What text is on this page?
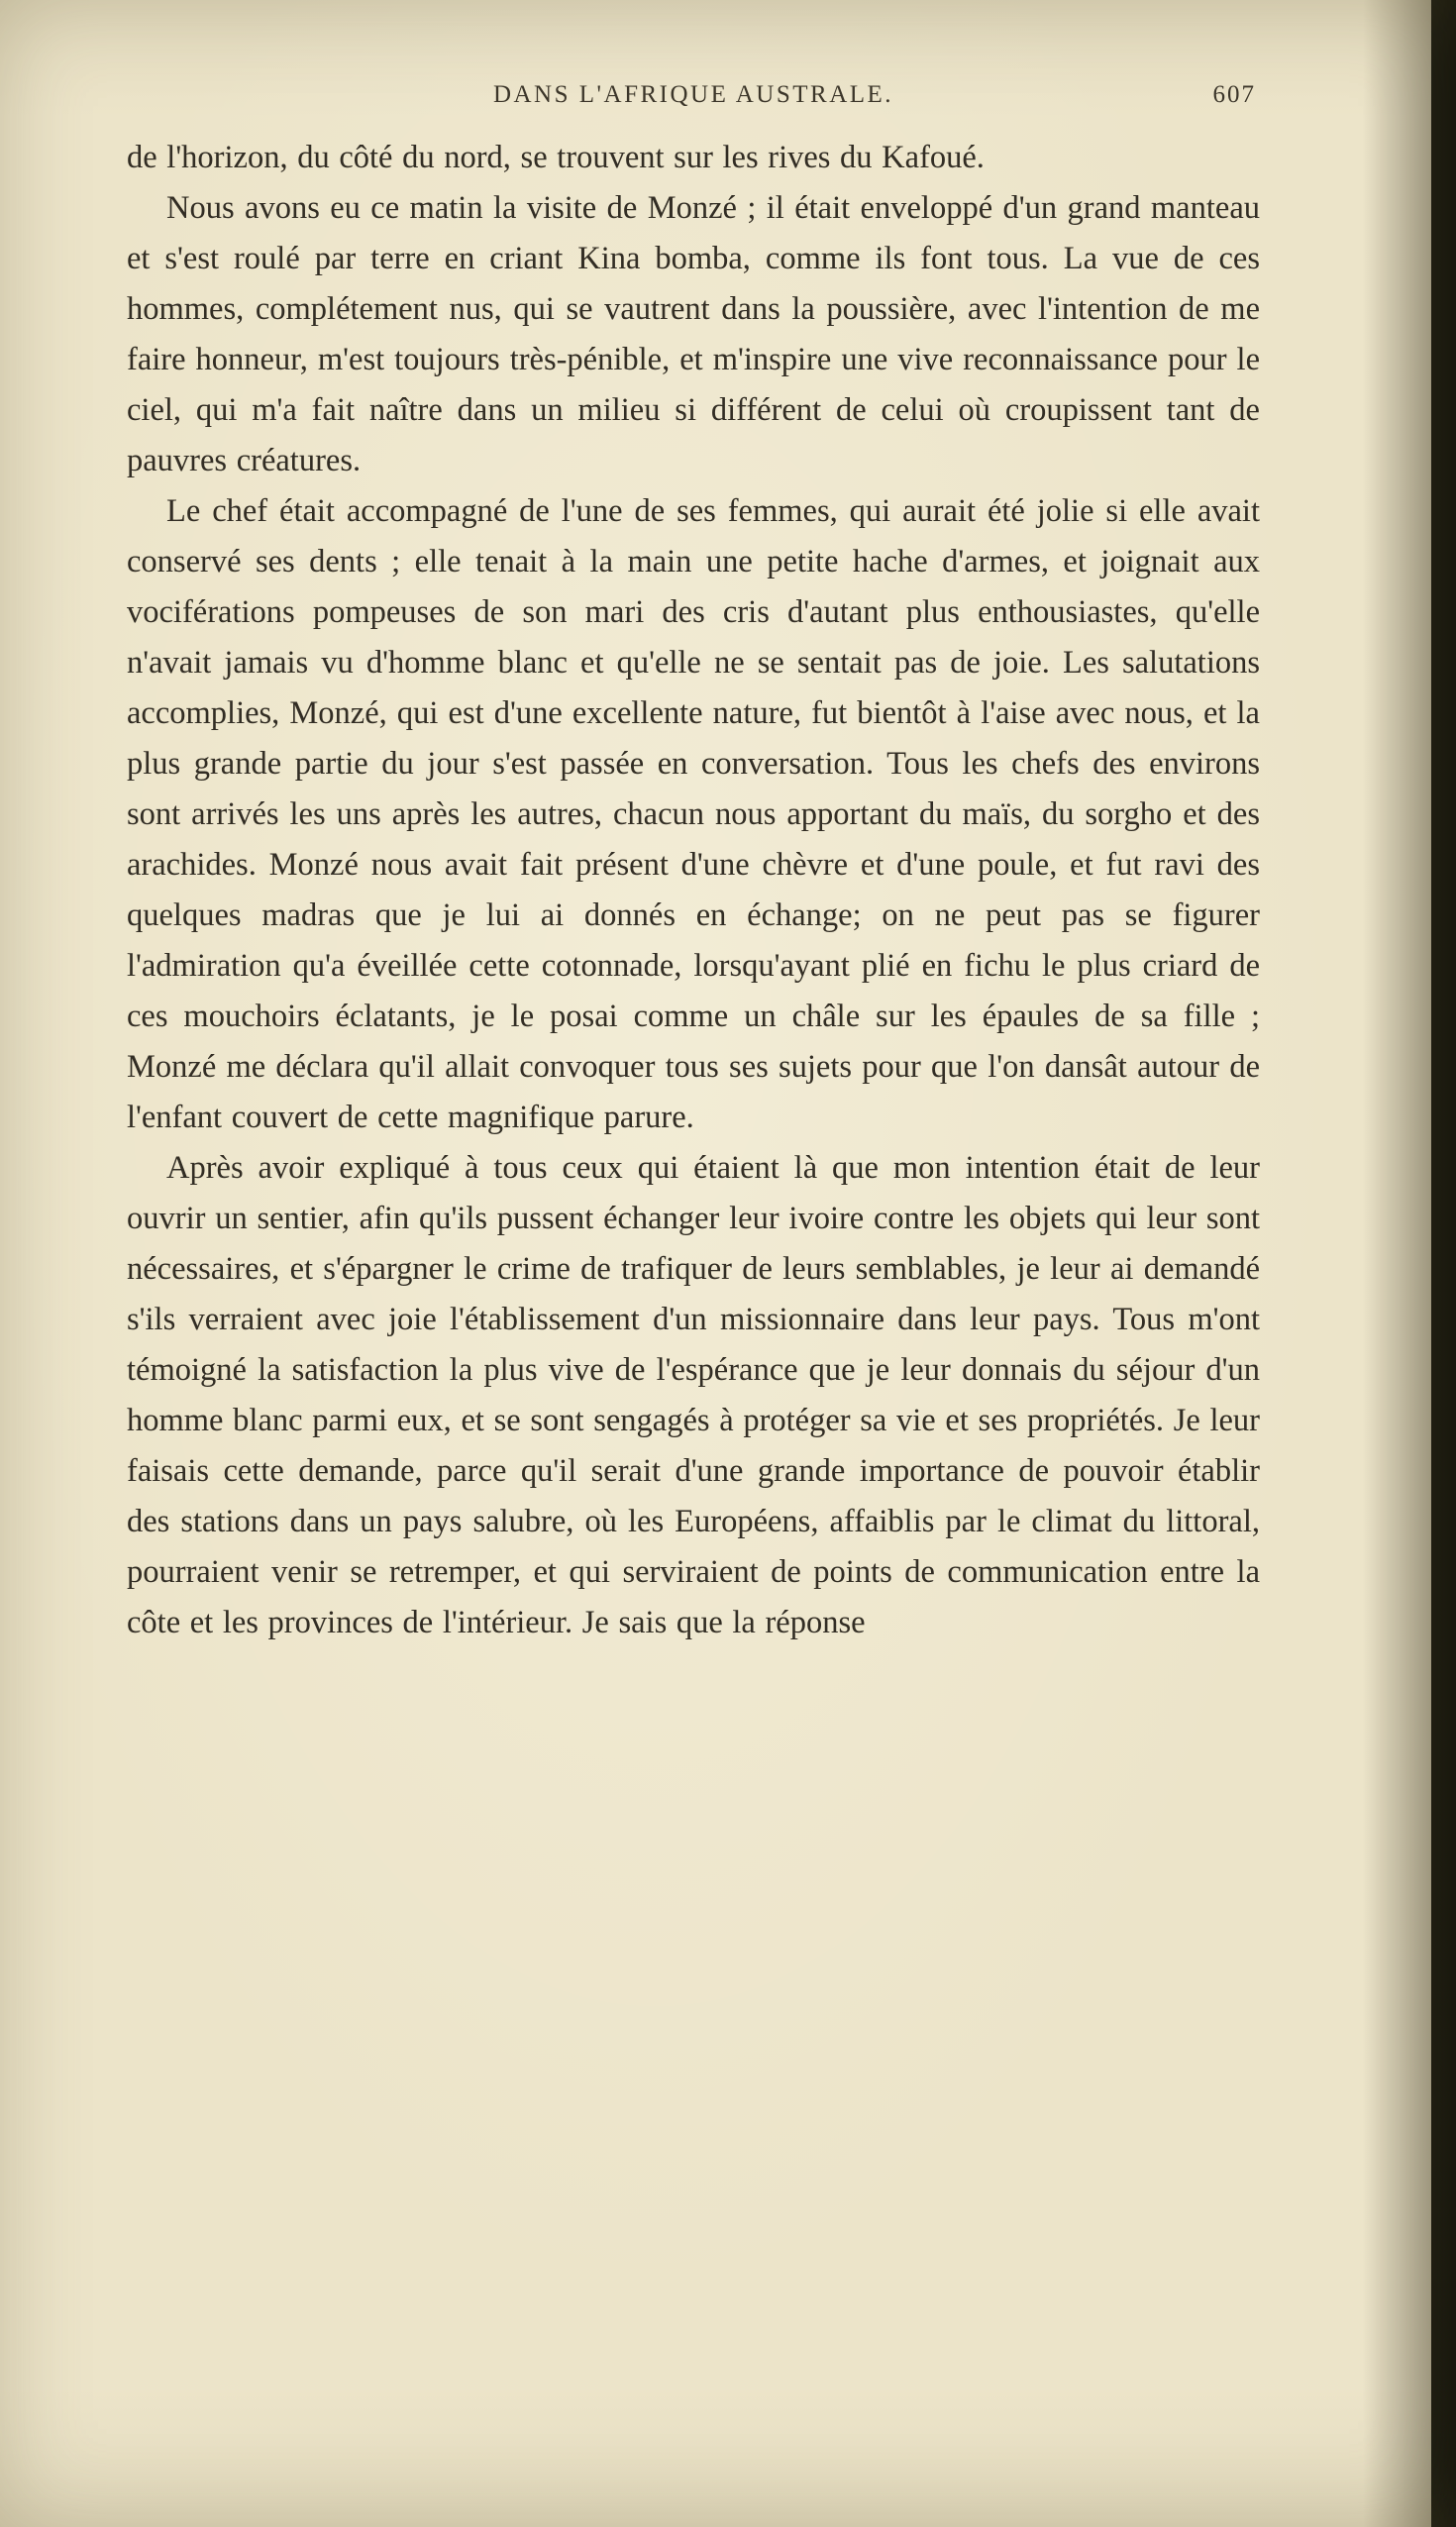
DANS L'AFRIQUE AUSTRALE.	607

de l'horizon, du côté du nord, se trouvent sur les rives du Kafoué.

Nous avons eu ce matin la visite de Monzé ; il était enveloppé d'un grand manteau et s'est roulé par terre en criant Kina bomba, comme ils font tous. La vue de ces hommes, complétement nus, qui se vautrent dans la poussière, avec l'intention de me faire honneur, m'est toujours très-pénible, et m'inspire une vive reconnaissance pour le ciel, qui m'a fait naître dans un milieu si différent de celui où croupissent tant de pauvres créatures.

Le chef était accompagné de l'une de ses femmes, qui aurait été jolie si elle avait conservé ses dents ; elle tenait à la main une petite hache d'armes, et joignait aux vociférations pompeuses de son mari des cris d'autant plus enthousiastes, qu'elle n'avait jamais vu d'homme blanc et qu'elle ne se sentait pas de joie. Les salutations accomplies, Monzé, qui est d'une excellente nature, fut bientôt à l'aise avec nous, et la plus grande partie du jour s'est passée en conversation. Tous les chefs des environs sont arrivés les uns après les autres, chacun nous apportant du maïs, du sorgho et des arachides. Monzé nous avait fait présent d'une chèvre et d'une poule, et fut ravi des quelques madras que je lui ai donnés en échange; on ne peut pas se figurer l'admiration qu'a éveillée cette cotonnade, lorsqu'ayant plié en fichu le plus criard de ces mouchoirs éclatants, je le posai comme un châle sur les épaules de sa fille ; Monzé me déclara qu'il allait convoquer tous ses sujets pour que l'on dansât autour de l'enfant couvert de cette magnifique parure.

Après avoir expliqué à tous ceux qui étaient là que mon intention était de leur ouvrir un sentier, afin qu'ils pussent échanger leur ivoire contre les objets qui leur sont nécessaires, et s'épargner le crime de trafiquer de leurs semblables, je leur ai demandé s'ils verraient avec joie l'établissement d'un missionnaire dans leur pays. Tous m'ont témoigné la satisfaction la plus vive de l'espérance que je leur donnais du séjour d'un homme blanc parmi eux, et se sont sengagés à protéger sa vie et ses propriétés. Je leur faisais cette demande, parce qu'il serait d'une grande importance de pouvoir établir des stations dans un pays salubre, où les Européens, affaiblis par le climat du littoral, pourraient venir se retremper, et qui serviraient de points de communication entre la côte et les provinces de l'intérieur. Je sais que la réponse
